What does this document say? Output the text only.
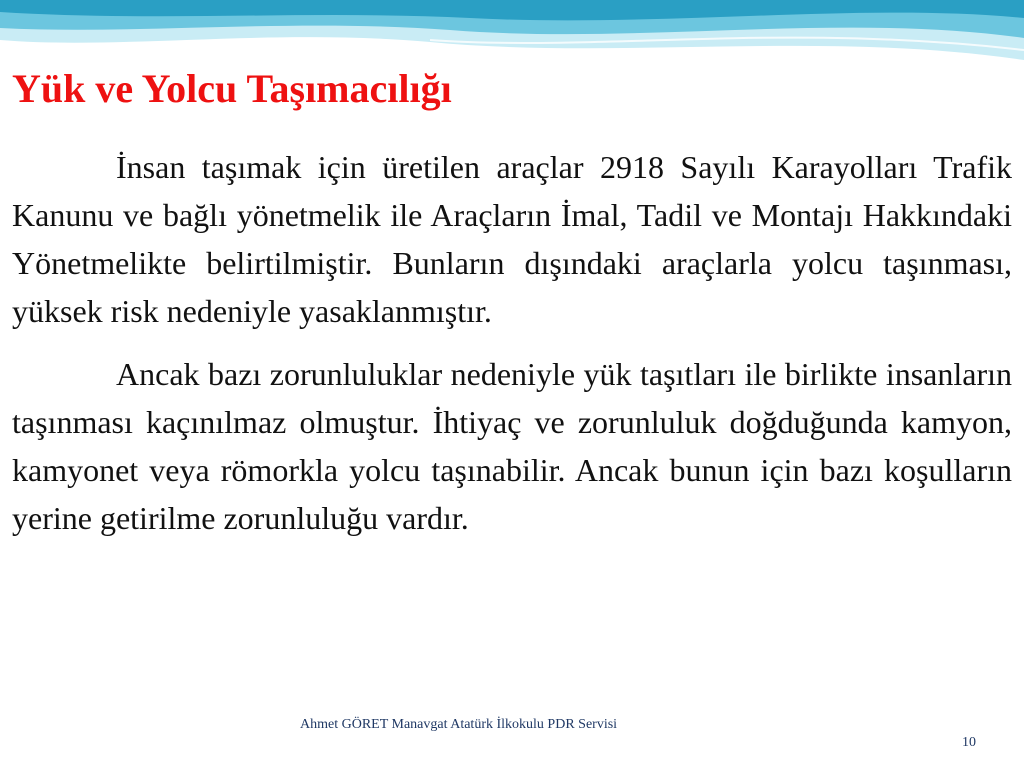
Yük ve Yolcu Taşımacılığı

İnsan taşımak için üretilen araçlar 2918 Sayılı Karayolları Trafik Kanunu ve bağlı yönetmelik ile Araçların İmal, Tadil ve Montajı Hakkındaki Yönetmelikte belirtilmiştir. Bunların dışındaki araçlarla yolcu taşınması, yüksek risk nedeniyle yasaklanmıştır.

Ancak bazı zorunluluklar nedeniyle yük taşıtları ile birlikte insanların taşınması kaçınılmaz olmuştur. İhtiyaç ve zorunluluk doğduğunda kamyon, kamyonet veya römorkla yolcu taşınabilir. Ancak bunun için bazı koşulların yerine getirilme zorunluluğu vardır.

Ahmet GÖRET Manavgat Atatürk İlkokulu PDR Servisi
10
